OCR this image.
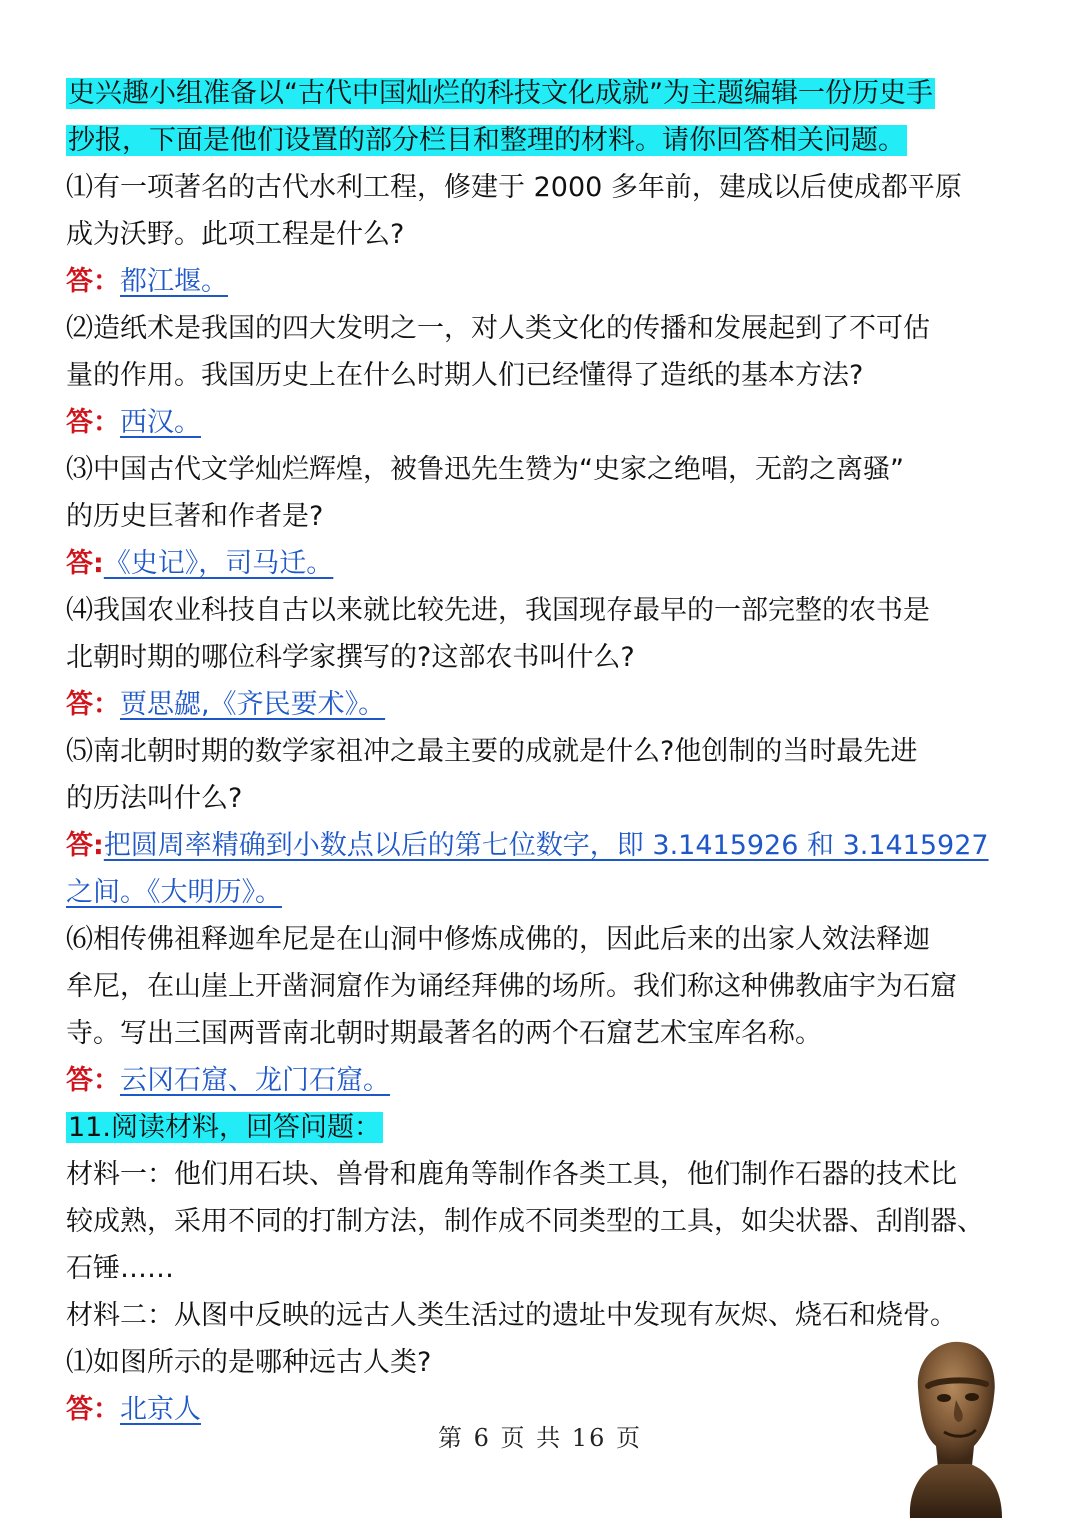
史兴趣小组准备以“古代中国灿烂的科技文化成就”为主题编辑一份历史手
抄报，下面是他们设置的部分栏目和整理的材料。请你回答相关问题。
⑴有一项著名的古代水利工程，修建于 2000 多年前，建成以后使成都平原
成为沃野。此项工程是什么?
答：都江堰。
⑵造纸术是我国的四大发明之一，对人类文化的传播和发展起到了不可估
量的作用。我国历史上在什么时期人们已经懂得了造纸的基本方法?
答：西汉。
⑶中国古代文学灿烂辉煌，被鲁迅先生赞为“史家之绝唱，无韵之离骚”
的历史巨著和作者是?
答:《史记》，司马迁。
⑷我国农业科技自古以来就比较先进，我国现存最早的一部完整的农书是
北朝时期的哪位科学家撰写的?这部农书叫什么?
答：贾思勰,《齐民要术》。
⑸南北朝时期的数学家祖冲之最主要的成就是什么?他创制的当时最先进
的历法叫什么?
答:把圆周率精确到小数点以后的第七位数字，即 3.1415926 和 3.1415927
之间。《大明历》。
⑹相传佛祖释迦牟尼是在山洞中修炼成佛的，因此后来的出家人效法释迦
牟尼，在山崖上开凿洞窟作为诵经拜佛的场所。我们称这种佛教庙宇为石窟
寺。写出三国两晋南北朝时期最著名的两个石窟艺术宝库名称。
答：云冈石窟、龙门石窟。
11.阅读材料，回答问题：
材料一：他们用石块、兽骨和鹿角等制作各类工具，他们制作石器的技术比
较成熟，采用不同的打制方法，制作成不同类型的工具，如尖状器、刮削器、
石锤……
材料二：从图中反映的远古人类生活过的遗址中发现有灰烬、烧石和烧骨。
⑴如图所示的是哪种远古人类?
答：北京人
第 6 页 共 16 页
